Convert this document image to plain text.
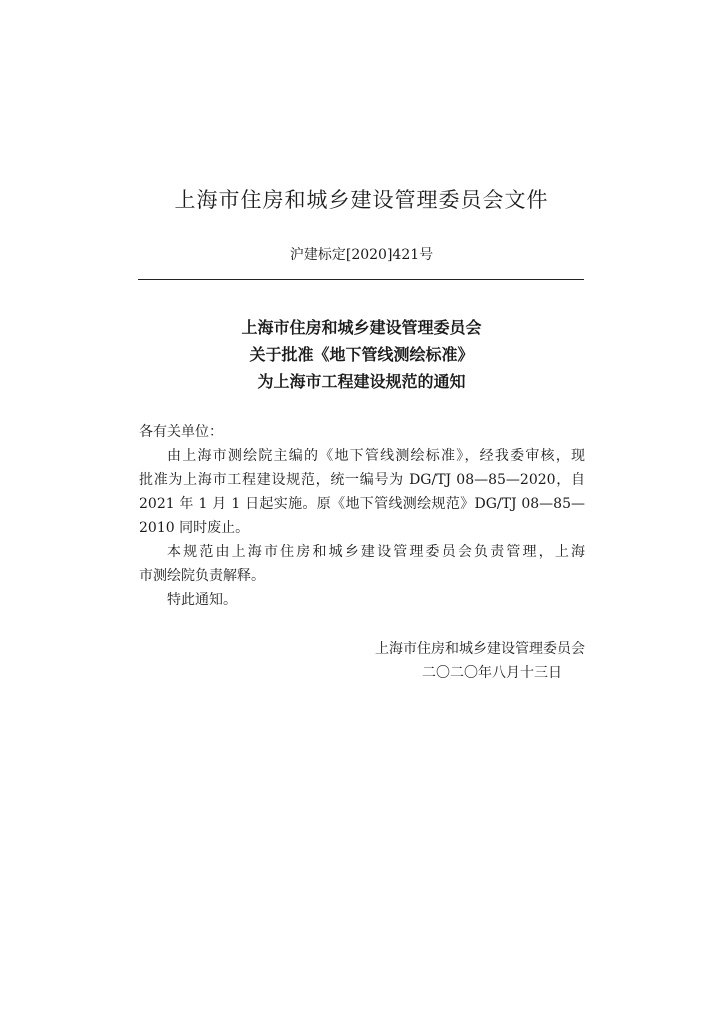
上海市住房和城乡建设管理委员会文件
沪建标定[2020]421号
上海市住房和城乡建设管理委员会
关于批准《地下管线测绘标准》
为上海市工程建设规范的通知
各有关单位：
由上海市测绘院主编的《地下管线测绘标准》，经我委审核，现
批准为上海市工程建设规范，统一编号为 DG/TJ 08—85—2020，自
2021 年 1 月 1 日起实施。原《地下管线测绘规范》DG/TJ 08—85—
2010 同时废止。
本规范由上海市住房和城乡建设管理委员会负责管理，上海
市测绘院负责解释。
特此通知。
上海市住房和城乡建设管理委员会
二〇二〇年八月十三日
